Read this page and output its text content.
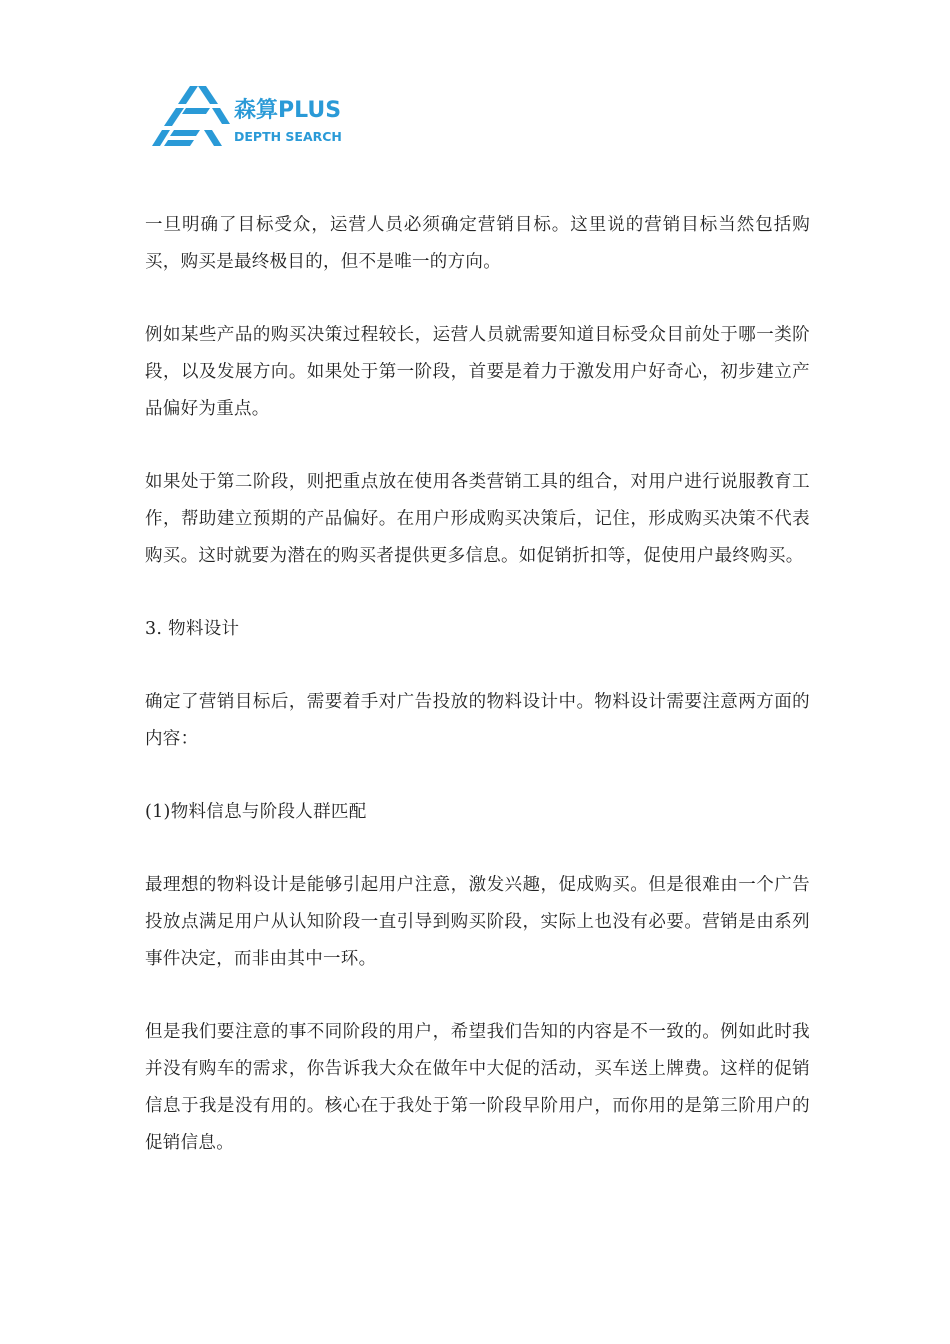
森算PLUS
DEPTH SEARCH

一旦明确了目标受众，运营人员必须确定营销目标。这里说的营销目标当然包括购买，购买是最终极目的，但不是唯一的方向。

例如某些产品的购买决策过程较长，运营人员就需要知道目标受众目前处于哪一类阶段，以及发展方向。如果处于第一阶段，首要是着力于激发用户好奇心，初步建立产品偏好为重点。

如果处于第二阶段，则把重点放在使用各类营销工具的组合，对用户进行说服教育工作，帮助建立预期的产品偏好。在用户形成购买决策后，记住，形成购买决策不代表购买。这时就要为潜在的购买者提供更多信息。如促销折扣等，促使用户最终购买。

3. 物料设计

确定了营销目标后，需要着手对广告投放的物料设计中。物料设计需要注意两方面的内容：

(1)物料信息与阶段人群匹配

最理想的物料设计是能够引起用户注意，激发兴趣，促成购买。但是很难由一个广告投放点满足用户从认知阶段一直引导到购买阶段，实际上也没有必要。营销是由系列事件决定，而非由其中一环。

但是我们要注意的事不同阶段的用户，希望我们告知的内容是不一致的。例如此时我并没有购车的需求，你告诉我大众在做年中大促的活动，买车送上牌费。这样的促销信息于我是没有用的。核心在于我处于第一阶段早阶用户，而你用的是第三阶用户的促销信息。
